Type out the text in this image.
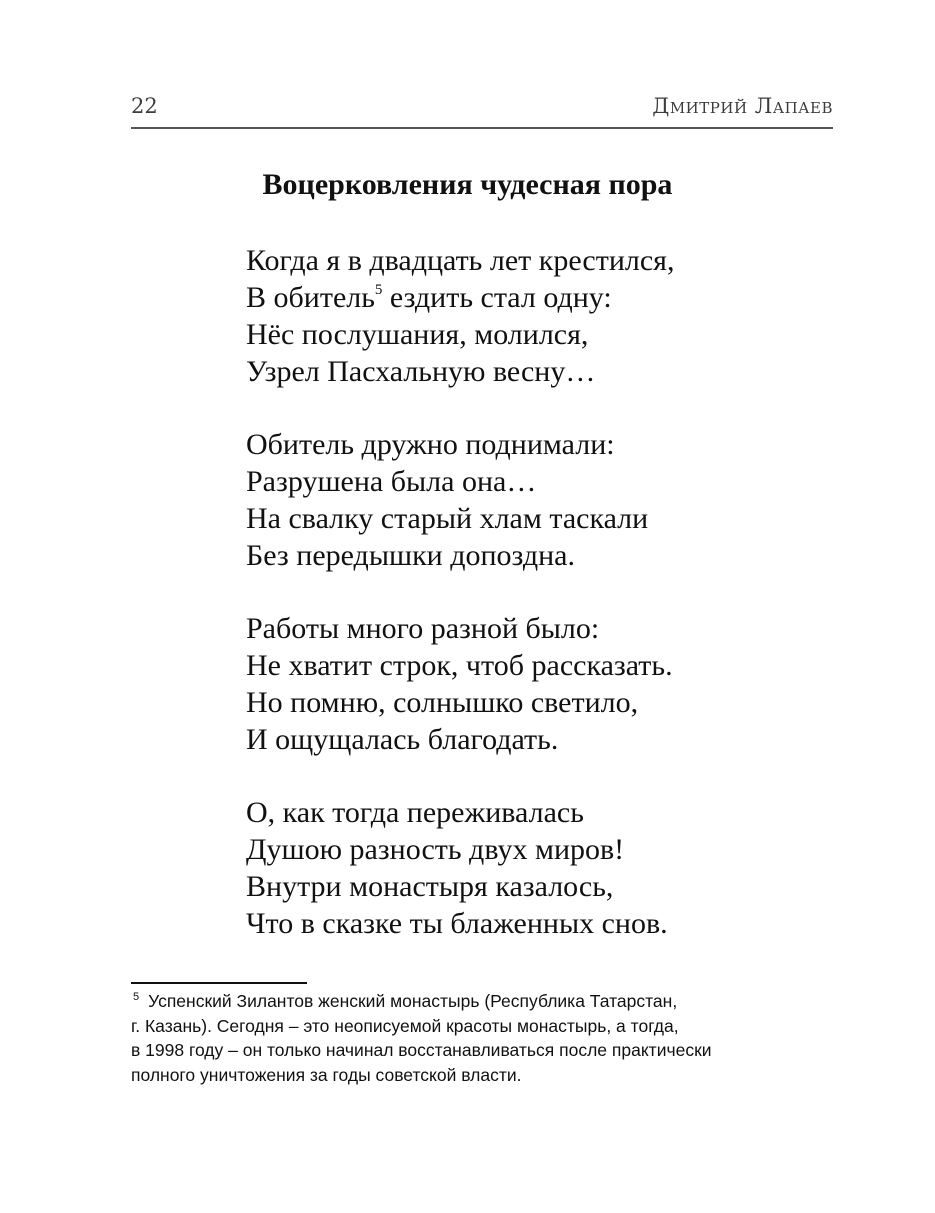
22	Дмитрий Лапаев
Воцерковления чудесная пора
Когда я в двадцать лет крестился,
В обитель$^5$ ездить стал одну:
Нёс послушания, молился,
Узрел Пасхальную весну…
Обитель дружно поднимали:
Разрушена была она…
На свалку старый хлам таскали
Без передышки допоздна.
Работы много разной было:
Не хватит строк, чтоб рассказать.
Но помню, солнышко светило,
И ощущалась благодать.
О, как тогда переживалась
Душою разность двух миров!
Внутри монастыря казалось,
Что в сказке ты блаженных снов.
$^5$ Успенский Зилантов женский монастырь (Республика Татарстан,
г. Казань). Сегодня – это неописуемой красоты монастырь, а тогда,
в 1998 году – он только начинал восстанавливаться после практически
полного уничтожения за годы советской власти.
